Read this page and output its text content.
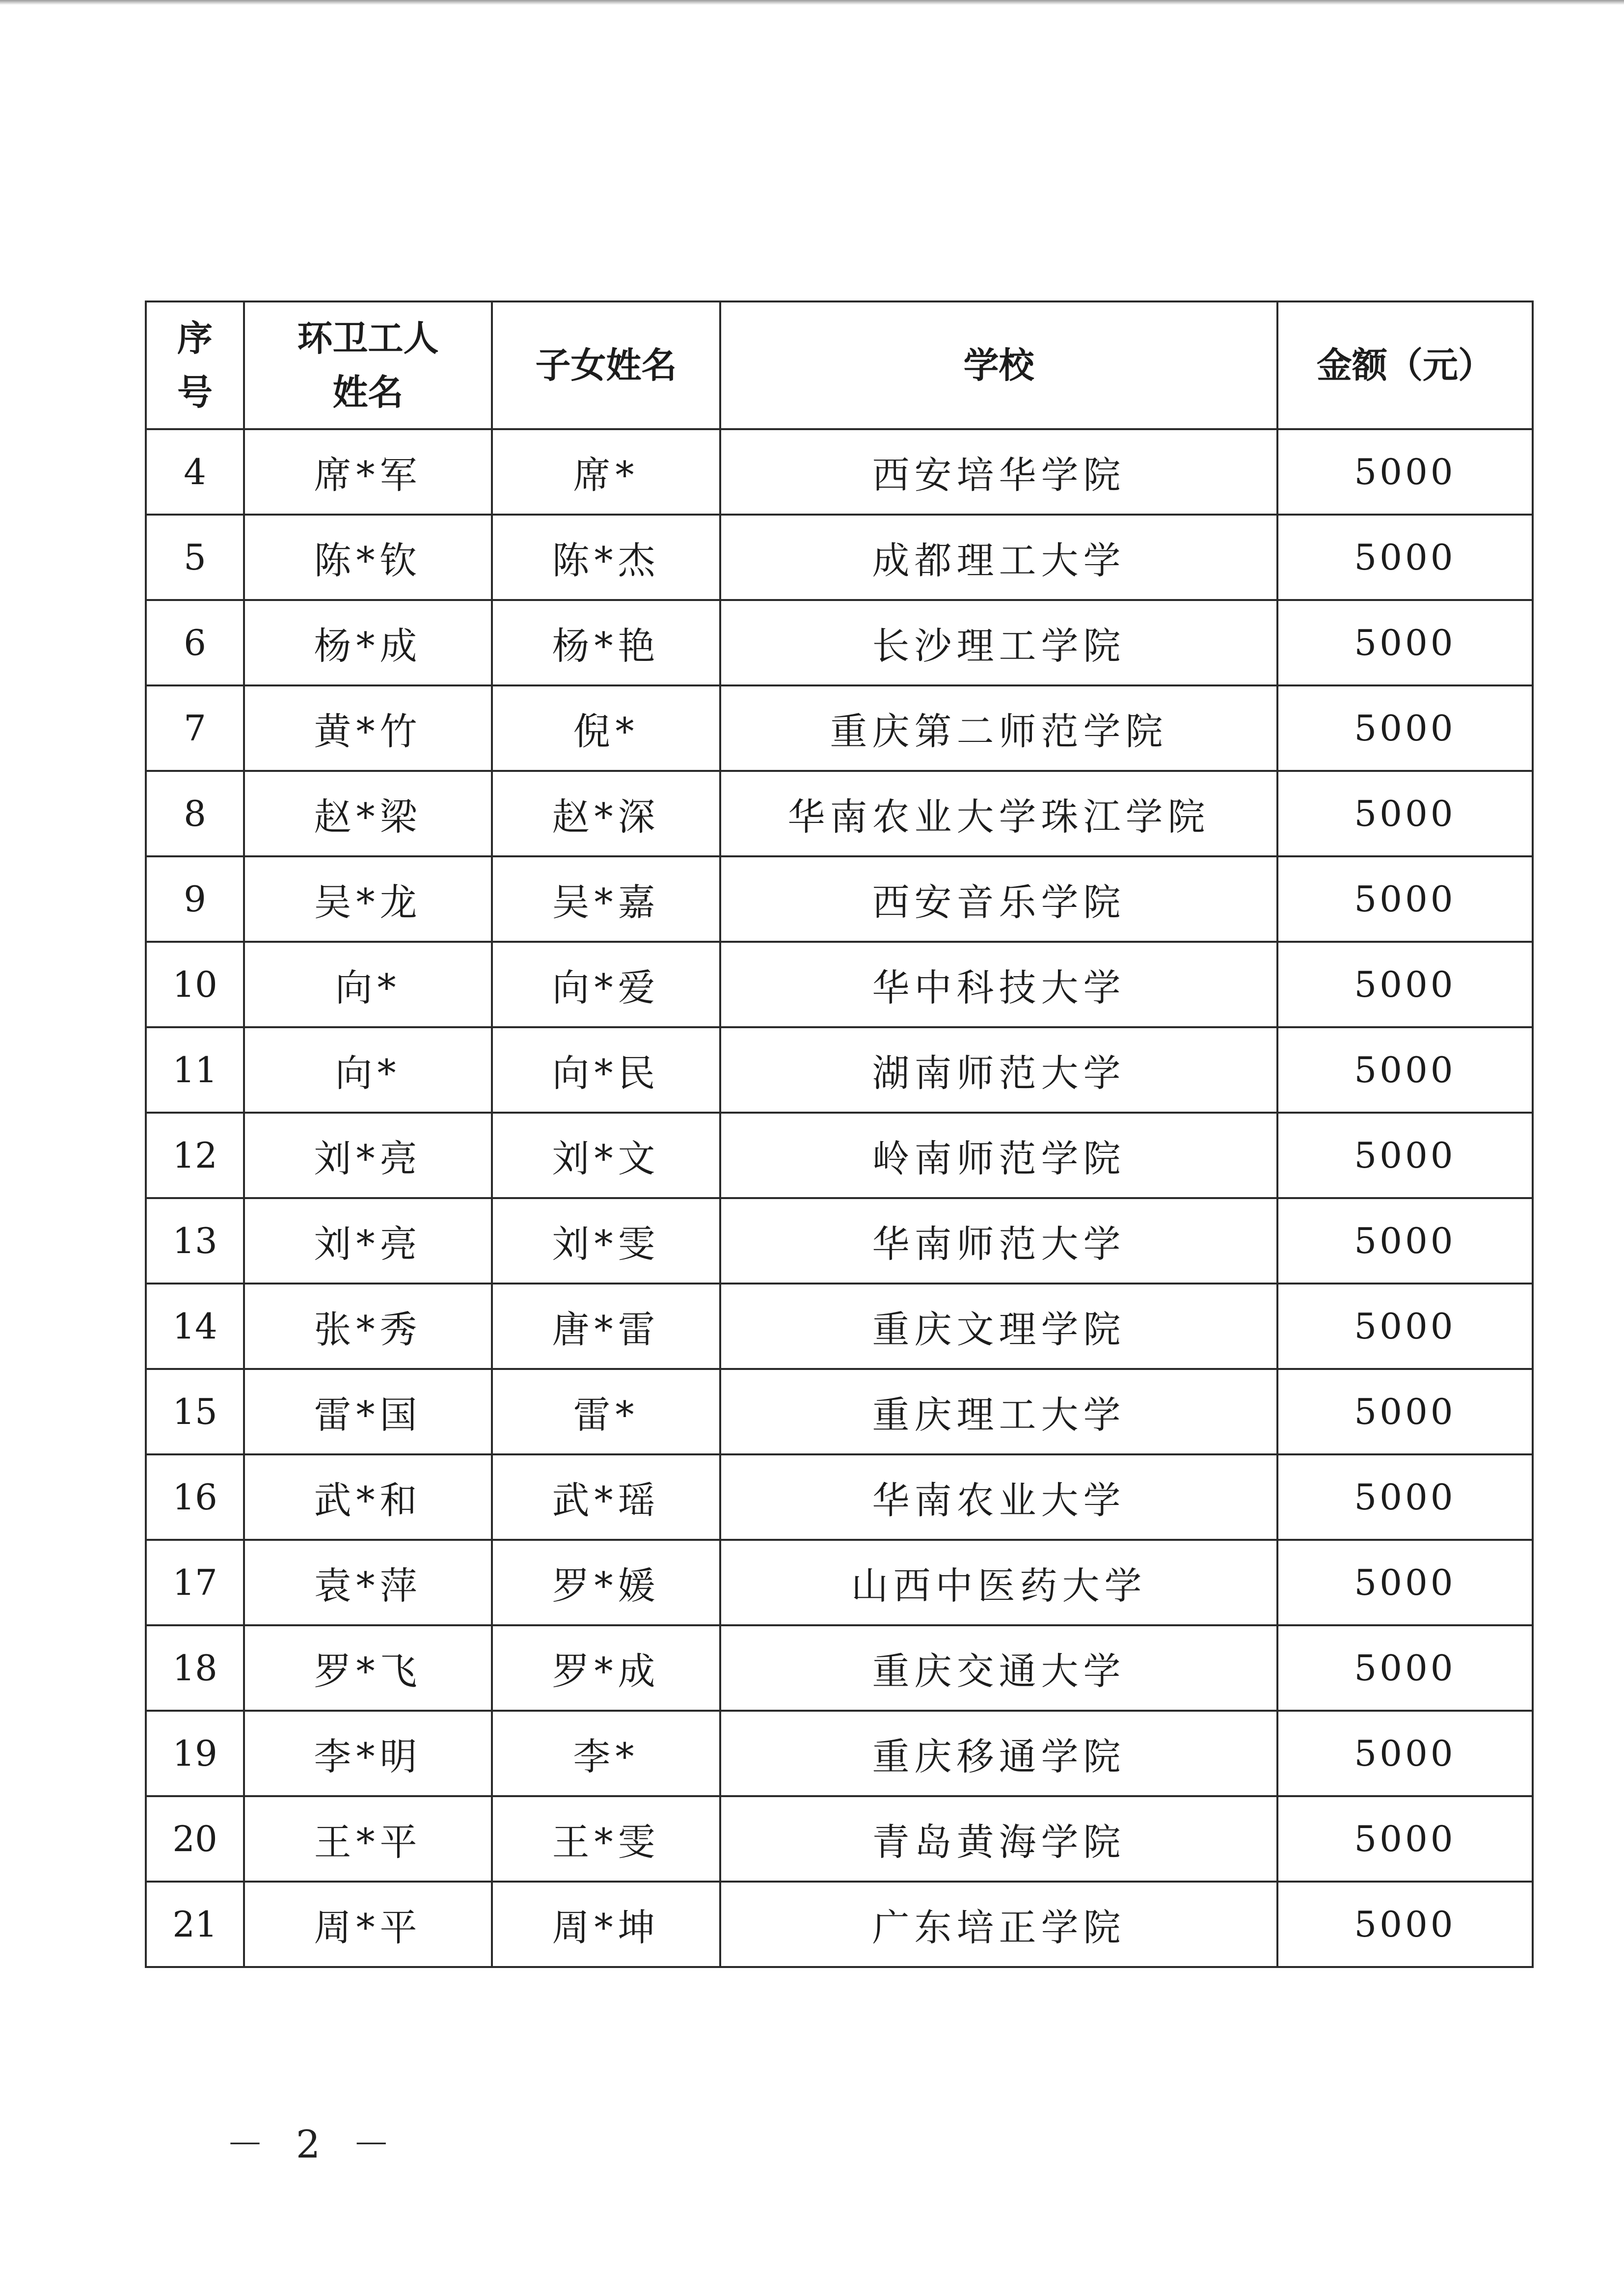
序号	环卫工人姓名	子女姓名	学校	金额（元）

4	席*军	席*	西安培华学院	5000
5	陈*钦	陈*杰	成都理工大学	5000
6	杨*成	杨*艳	长沙理工学院	5000
7	黄*竹	倪*	重庆第二师范学院	5000
8	赵*梁	赵*深	华南农业大学珠江学院	5000
9	吴*龙	吴*嘉	西安音乐学院	5000
10	向*	向*爱	华中科技大学	5000
11	向*	向*民	湖南师范大学	5000
12	刘*亮	刘*文	岭南师范学院	5000
13	刘*亮	刘*雯	华南师范大学	5000
14	张*秀	唐*雷	重庆文理学院	5000
15	雷*国	雷*	重庆理工大学	5000
16	武*和	武*瑶	华南农业大学	5000
17	袁*萍	罗*媛	山西中医药大学	5000
18	罗*飞	罗*成	重庆交通大学	5000
19	李*明	李*	重庆移通学院	5000
20	王*平	王*雯	青岛黄海学院	5000
21	周*平	周*坤	广东培正学院	5000
－ 2 －
